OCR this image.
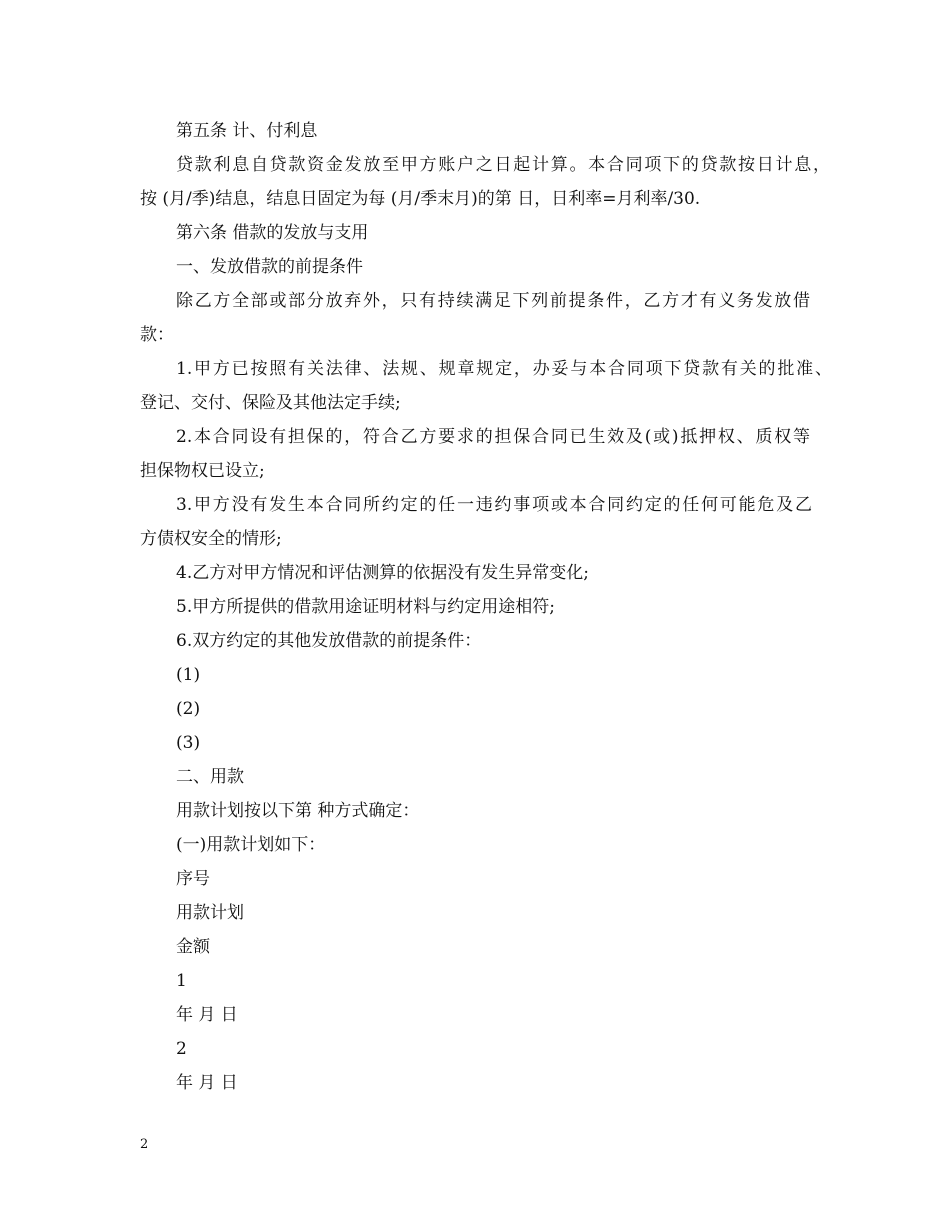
第五条 计、付利息
贷款利息自贷款资金发放至甲方账户之日起计算。本合同项下的贷款按日计息，
按 (月/季)结息，结息日固定为每 (月/季末月)的第 日，日利率=月利率/30.
第六条 借款的发放与支用
一、发放借款的前提条件
除乙方全部或部分放弃外，只有持续满足下列前提条件，乙方才有义务发放借
款：
1.甲方已按照有关法律、法规、规章规定，办妥与本合同项下贷款有关的批准、
登记、交付、保险及其他法定手续;
2.本合同设有担保的，符合乙方要求的担保合同已生效及(或)抵押权、质权等
担保物权已设立;
3.甲方没有发生本合同所约定的任一违约事项或本合同约定的任何可能危及乙
方债权安全的情形;
4.乙方对甲方情况和评估测算的依据没有发生异常变化;
5.甲方所提供的借款用途证明材料与约定用途相符;
6.双方约定的其他发放借款的前提条件：
(1)
(2)
(3)
二、用款
用款计划按以下第 种方式确定：
(一)用款计划如下：
序号
用款计划
金额
1
年 月 日
2
年 月 日
2
